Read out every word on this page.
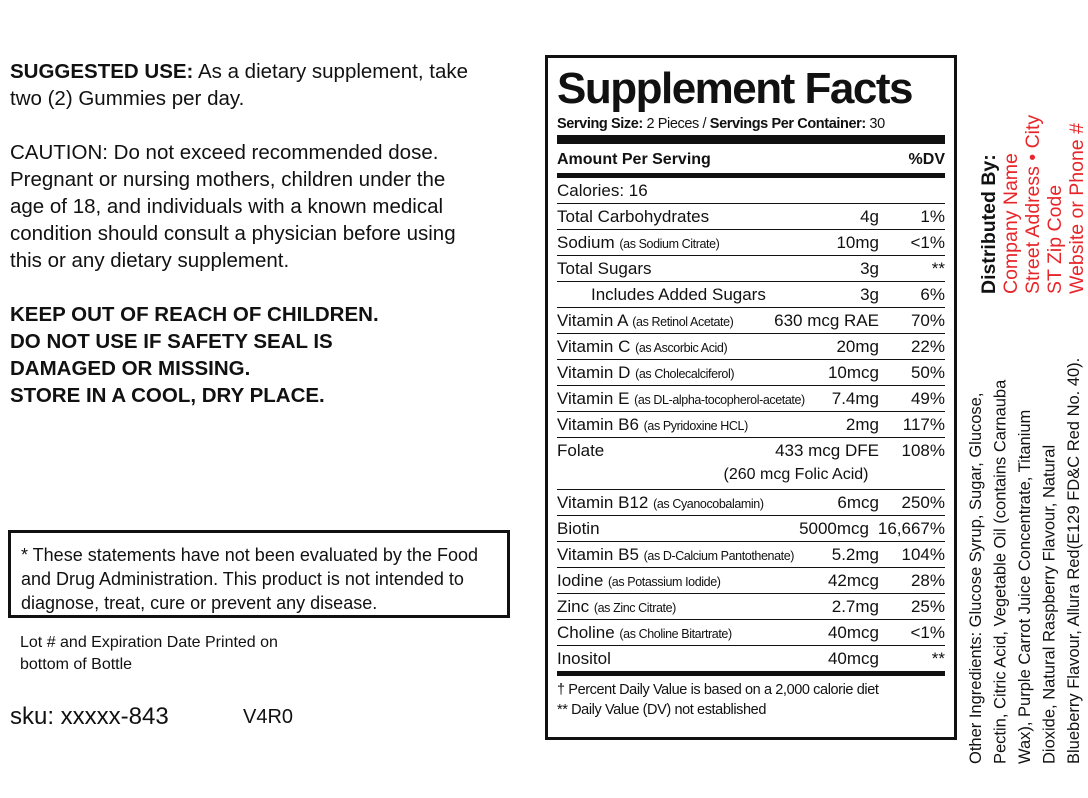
SUGGESTED USE: As a dietary supplement, take
two (2) Gummies per day.

CAUTION: Do not exceed recommended dose.
Pregnant or nursing mothers, children under the
age of 18, and individuals with a known medical
condition should consult a physician before using
this or any dietary supplement.

KEEP OUT OF REACH OF CHILDREN.
DO NOT USE IF SAFETY SEAL IS
DAMAGED OR MISSING.
STORE IN A COOL, DRY PLACE.

* These statements have not been evaluated by the Food
and Drug Administration. This product is not intended to
diagnose, treat, cure or prevent any disease.
Lot # and Expiration Date Printed on
bottom of Bottle
sku: xxxxx-843	V4R0
Supplement Facts
Serving Size: 2 Pieces / Servings Per Container: 30
Amount Per Serving	%DV
Calories: 16
Total Carbohydrates	4g	1%
Sodium (as Sodium Citrate)	10mg	<1%
Total Sugars	3g	**
Includes Added Sugars	3g	6%
Vitamin A (as Retinol Acetate)	630 mcg RAE	70%
Vitamin C (as Ascorbic Acid)	20mg	22%
Vitamin D (as Cholecalciferol)	10mcg	50%
Vitamin E (as DL-alpha-tocopherol-acetate)	7.4mg	49%
Vitamin B6 (as Pyridoxine HCL)	2mg	117%
Folate	433 mcg DFE	108%
(260 mcg Folic Acid)
Vitamin B12 (as Cyanocobalamin)	6mcg	250%
Biotin	5000mcg 16,667%
Vitamin B5 (as D-Calcium Pantothenate)	5.2mg	104%
Iodine (as Potassium Iodide)	42mcg	28%
Zinc (as Zinc Citrate)	2.7mg	25%
Choline (as Choline Bitartrate)	40mcg	<1%
Inositol	40mcg	**
† Percent Daily Value is based on a 2,000 calorie diet
** Daily Value (DV) not established
Distributed By:
Company Name
Street Address • City
ST Zip Code
Website or Phone #
Other Ingredients: Glucose Syrup, Sugar, Glucose, Pectin, Citric Acid, Vegetable Oil (contains Carnauba Wax), Purple Carrot Juice Concentrate, Titanium Dioxide, Natural Raspberry Flavour, Natural Blueberry Flavour, Allura Red(E129 FD&C Red No. 40).
